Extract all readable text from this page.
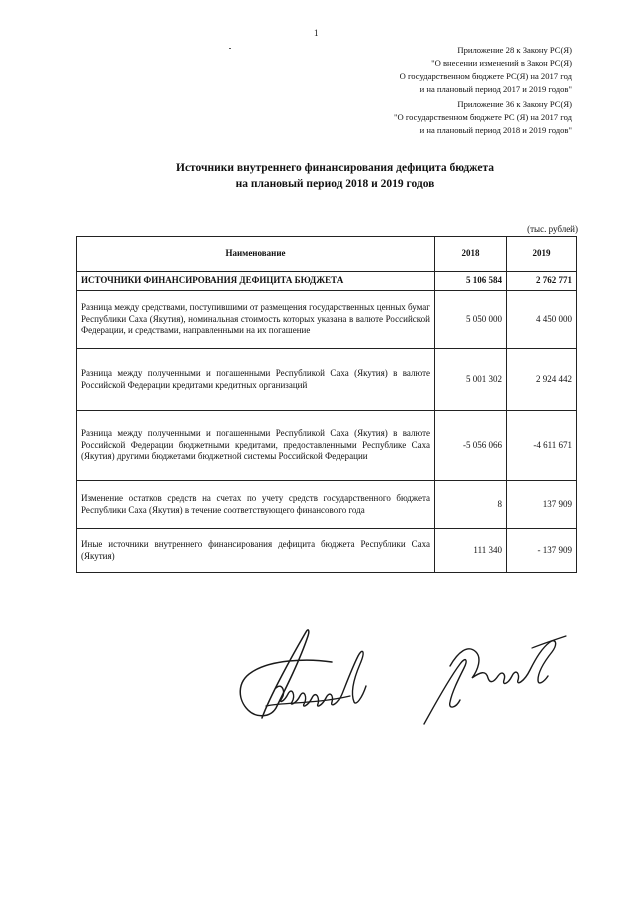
1
Приложение 28 к Закону РС(Я)
"О внесении изменений в Закон РС(Я)
О государственном бюджете РС(Я) на 2017 год
и на плановый период 2017 и 2019 годов"
Приложение 36 к Закону РС(Я)
"О государственном бюджете РС (Я) на 2017 год
и на плановый период 2018 и 2019 годов"
Источники внутреннего финансирования дефицита бюджета
на плановый период 2018 и 2019 годов
(тыс. рублей)
Наименование	2018	2019
ИСТОЧНИКИ ФИНАНСИРОВАНИЯ ДЕФИЦИТА БЮДЖЕТА	5 106 584	2 762 771
Разница между средствами, поступившими от размещения государственных ценных бумаг Республики Саха (Якутия), номинальная стоимость которых указана в валюте Российской Федерации, и средствами, направленными на их погашение	5 050 000	4 450 000
Разница между полученными и погашенными Республикой Саха (Якутия) в валюте Российской Федерации кредитами кредитных организаций	5 001 302	2 924 442
Разница между полученными и погашенными Республикой Саха (Якутия) в валюте Российской Федерации бюджетными кредитами, предоставленными Республике Саха (Якутия) другими бюджетами бюджетной системы Российской Федерации	-5 056 066	-4 611 671
Изменение остатков средств на счетах по учету средств государственного бюджета Республики Саха (Якутия) в течение соответствующего финансового года	8	137 909
Иные источники внутреннего финансирования дефицита бюджета Республики Саха (Якутия)	111 340	- 137 909
